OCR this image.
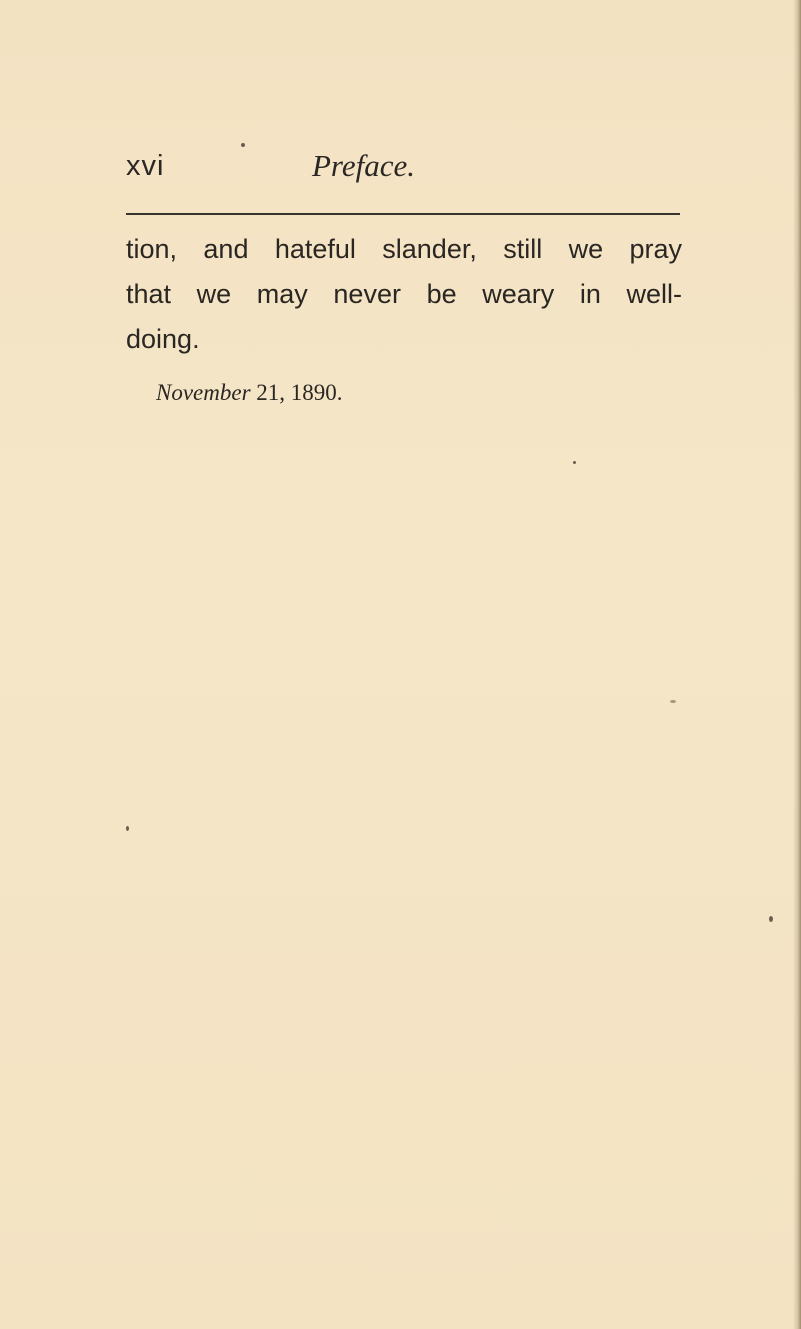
xvi	Preface.
tion, and hateful slander, still we pray
that we may never be weary in well-
doing.
November 21, 1890.
